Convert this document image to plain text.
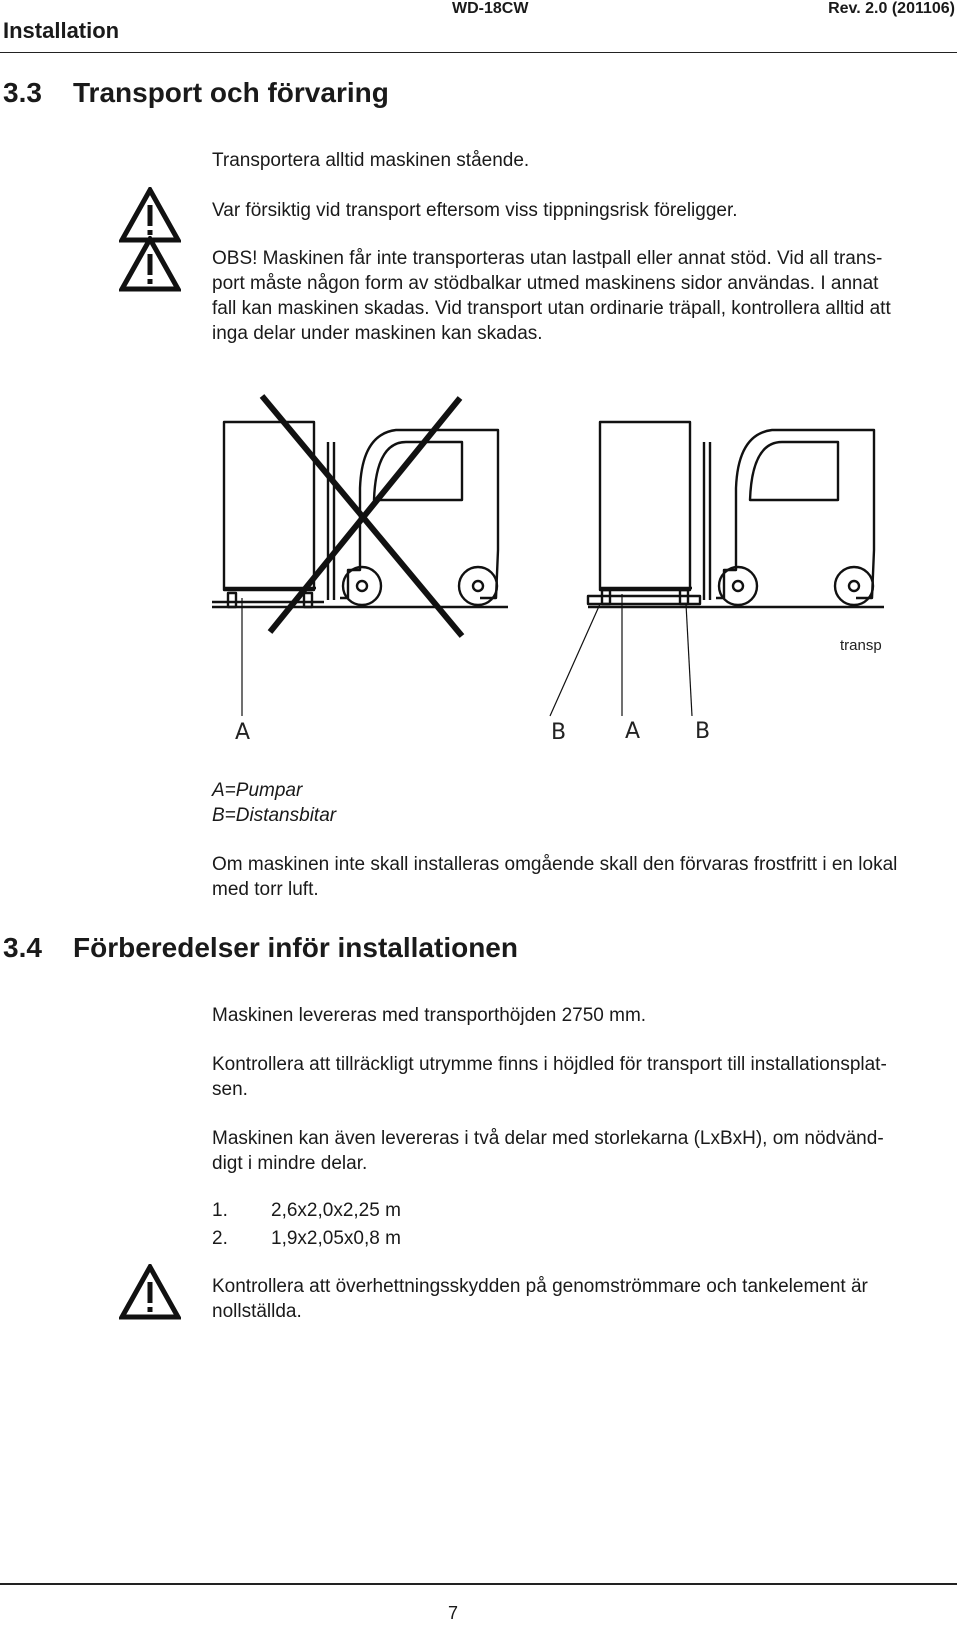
Installation
WD-18CW	Rev. 2.0 (201106)
3.3 Transport och förvaring
Transportera alltid maskinen stående.
Var försiktig vid transport eftersom viss tippningsrisk föreligger.
OBS! Maskinen får inte transporteras utan lastpall eller annat stöd. Vid all trans-
port måste någon form av stödbalkar utmed maskinens sidor användas. I annat
fall kan maskinen skadas. Vid transport utan ordinarie träpall, kontrollera alltid att
inga delar under maskinen kan skadas.
transp
A	B	A B
A=Pumpar
B=Distansbitar
Om maskinen inte skall installeras omgående skall den förvaras frostfritt i en lokal
med torr luft.
3.4 Förberedelser inför installationen
Maskinen levereras med transporthöjden 2750 mm.
Kontrollera att tillräckligt utrymme finns i höjdled för transport till installationsplat-
sen.
Maskinen kan även levereras i två delar med storlekarna (LxBxH), om nödvänd-
digt i mindre delar.
1. 2,6x2,0x2,25 m
2. 1,9x2,05x0,8 m
Kontrollera att överhettningsskydden på genomströmmare och tankelement är
nollställda.
7
